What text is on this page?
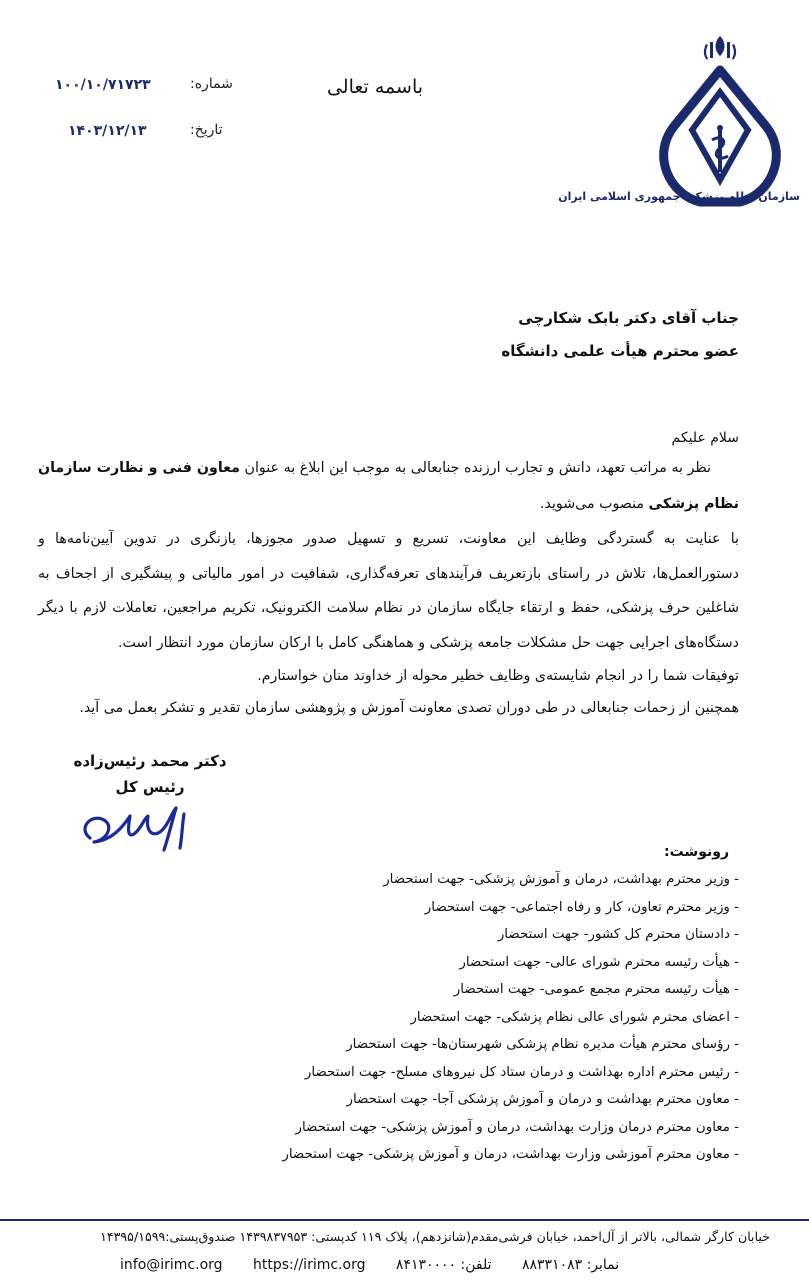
سازمان نظام پزشکی جمهوری اسلامی ایران
باسمه تعالی
شماره:
۱۰۰/۱۰/۷۱۷۲۳
تاریخ:
۱۴۰۳/۱۲/۱۳
جناب آقای دکتر بابک شکارچی
عضو محترم هیأت علمی دانشگاه
سلام علیکم

نظر به مراتب تعهد، دانش و تجارب ارزنده جنابعالی به موجب این ابلاغ به عنوان معاون فنی و نظارت سازمان نظام پزشکی منصوب می‌شوید.

با عنایت به گستردگی وظایف این معاونت، تسریع و تسهیل صدور مجوزها، بازنگری در تدوین آیین‌نامه‌ها و دستورالعمل‌ها، تلاش در راستای بازتعریف فرآیندهای تعرفه‌گذاری، شفافیت در امور مالیاتی و پیشگیری از اجحاف به شاغلین حرف پزشکی، حفظ و ارتقاء جایگاه سازمان در نظام سلامت الکترونیک، تکریم مراجعین، تعاملات لازم با دیگر دستگاه‌های اجرایی جهت حل مشکلات جامعه پزشکی و هماهنگی کامل با ارکان سازمان مورد انتظار است.

توفیقات شما را در انجام شایسته‌ی وظایف خطیر محوله از خداوند منان خواستارم.

همچنین از زحمات جنابعالی در طی دوران تصدی معاونت آموزش و پژوهشی سازمان تقدیر و تشکر بعمل می آید.

دکتر محمد رئیس‌زاده
رئیس کل
رونوشت:
- وزیر محترم بهداشت، درمان و آموزش پزشکی- جهت استحضار
- وزیر محترم تعاون، کار و رفاه اجتماعی- جهت استحضار
- دادستان محترم کل کشور- جهت استحضار
- هیأت رئیسه محترم شورای عالی- جهت استحضار
- هیأت رئیسه محترم مجمع عمومی- جهت استحضار
- اعضای محترم شورای عالی نظام پزشکی- جهت استحضار
- رؤسای محترم هیأت مدیره نظام پزشکی شهرستان‌ها- جهت استحضار
- رئیس محترم اداره بهداشت و درمان ستاد کل نیروهای مسلح- جهت استحضار
- معاون محترم بهداشت و درمان و آموزش پزشکی آجا- جهت استحضار
- معاون محترم درمان وزارت بهداشت، درمان و آموزش پزشکی- جهت استحضار
- معاون محترم آموزشی وزارت بهداشت، درمان و آموزش پزشکی- جهت استحضار
خیابان کارگر شمالی، بالاتر از آل‌احمد، خیابان فرشی‌مقدم(شانزدهم)، پلاک ۱۱۹ کدپستی: ۱۴۳۹۸۳۷۹۵۳ صندوق‌پستی:۱۴۳۹۵/۱۵۹۹
info@irimc.org https://irimc.org	نمابر: ۸۸۳۳۱۰۸۳ تلفن: ۸۴۱۳۰۰۰۰
